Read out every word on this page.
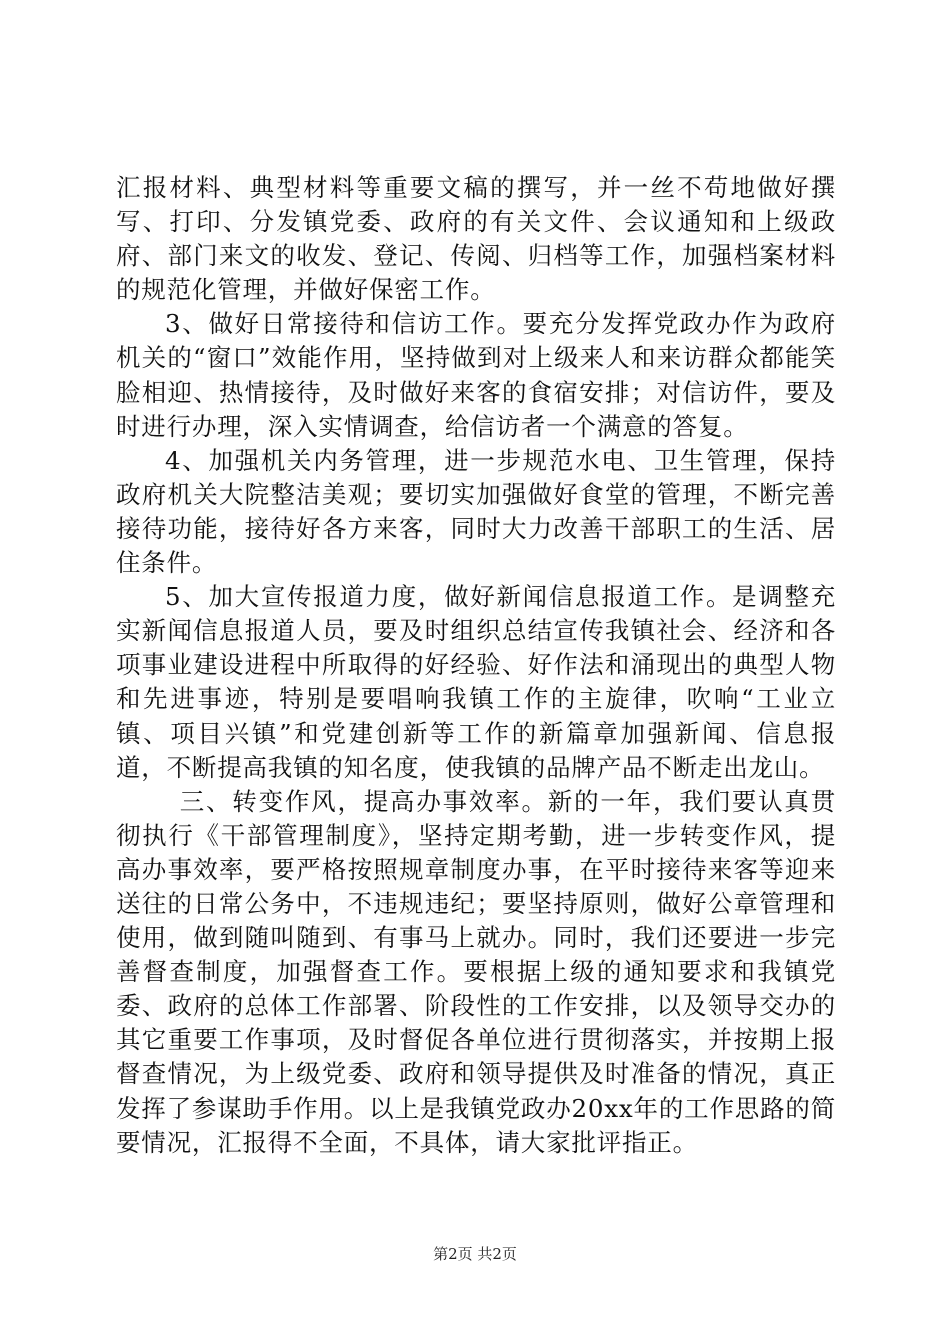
汇报材料、典型材料等重要文稿的撰写，并一丝不苟地做好撰写、打印、分发镇党委、政府的有关文件、会议通知和上级政府、部门来文的收发、登记、传阅、归档等工作，加强档案材料的规范化管理，并做好保密工作。

3、做好日常接待和信访工作。要充分发挥党政办作为政府机关的“窗口”效能作用，坚持做到对上级来人和来访群众都能笑脸相迎、热情接待，及时做好来客的食宿安排；对信访件，要及时进行办理，深入实情调查，给信访者一个满意的答复。

4、加强机关内务管理，进一步规范水电、卫生管理，保持政府机关大院整洁美观；要切实加强做好食堂的管理，不断完善接待功能，接待好各方来客，同时大力改善干部职工的生活、居住条件。

5、加大宣传报道力度，做好新闻信息报道工作。是调整充实新闻信息报道人员，要及时组织总结宣传我镇社会、经济和各项事业建设进程中所取得的好经验、好作法和涌现出的典型人物和先进事迹，特别是要唱响我镇工作的主旋律，吹响“工业立镇、项目兴镇”和党建创新等工作的新篇章加强新闻、信息报道，不断提高我镇的知名度，使我镇的品牌产品不断走出龙山。

三、转变作风，提高办事效率。新的一年，我们要认真贯彻执行《干部管理制度》，坚持定期考勤，进一步转变作风，提高办事效率，要严格按照规章制度办事，在平时接待来客等迎来送往的日常公务中，不违规违纪；要坚持原则，做好公章管理和使用，做到随叫随到、有事马上就办。同时，我们还要进一步完善督查制度，加强督查工作。要根据上级的通知要求和我镇党委、政府的总体工作部署、阶段性的工作安排，以及领导交办的其它重要工作事项，及时督促各单位进行贯彻落实，并按期上报督查情况，为上级党委、政府和领导提供及时准备的情况，真正发挥了参谋助手作用。以上是我镇党政办20xx年的工作思路的简要情况，汇报得不全面，不具体，请大家批评指正。

第2页 共2页
